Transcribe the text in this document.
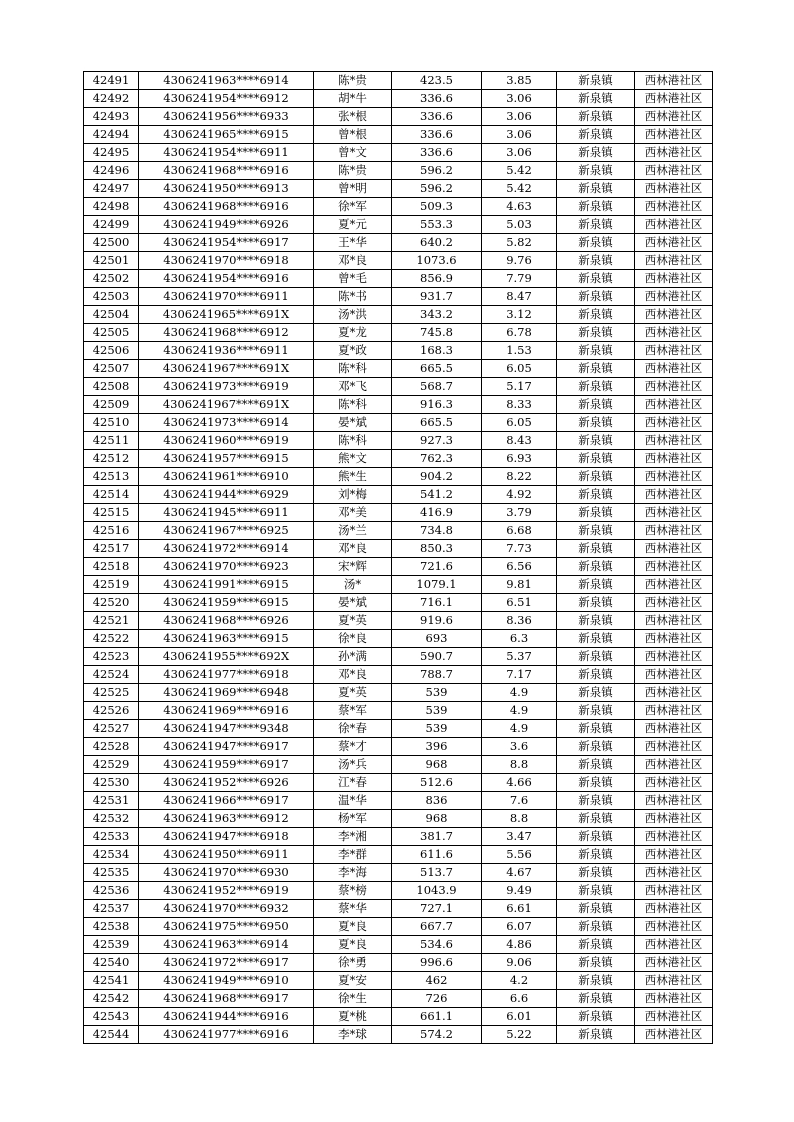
42491	4306241963****6914	陈*贵	423.5	3.85	新泉镇	西林港社区
42492	4306241954****6912	胡*牛	336.6	3.06	新泉镇	西林港社区
42493	4306241956****6933	张*根	336.6	3.06	新泉镇	西林港社区
42494	4306241965****6915	曾*根	336.6	3.06	新泉镇	西林港社区
42495	4306241954****6911	曾*文	336.6	3.06	新泉镇	西林港社区
42496	4306241968****6916	陈*贵	596.2	5.42	新泉镇	西林港社区
42497	4306241950****6913	曾*明	596.2	5.42	新泉镇	西林港社区
42498	4306241968****6916	徐*军	509.3	4.63	新泉镇	西林港社区
42499	4306241949****6926	夏*元	553.3	5.03	新泉镇	西林港社区
42500	4306241954****6917	王*华	640.2	5.82	新泉镇	西林港社区
42501	4306241970****6918	邓*良	1073.6	9.76	新泉镇	西林港社区
42502	4306241954****6916	曾*毛	856.9	7.79	新泉镇	西林港社区
42503	4306241970****6911	陈*书	931.7	8.47	新泉镇	西林港社区
42504	4306241965****691X	汤*洪	343.2	3.12	新泉镇	西林港社区
42505	4306241968****6912	夏*龙	745.8	6.78	新泉镇	西林港社区
42506	4306241936****6911	夏*政	168.3	1.53	新泉镇	西林港社区
42507	4306241967****691X	陈*科	665.5	6.05	新泉镇	西林港社区
42508	4306241973****6919	邓*飞	568.7	5.17	新泉镇	西林港社区
42509	4306241967****691X	陈*科	916.3	8.33	新泉镇	西林港社区
42510	4306241973****6914	晏*斌	665.5	6.05	新泉镇	西林港社区
42511	4306241960****6919	陈*科	927.3	8.43	新泉镇	西林港社区
42512	4306241957****6915	熊*文	762.3	6.93	新泉镇	西林港社区
42513	4306241961****6910	熊*生	904.2	8.22	新泉镇	西林港社区
42514	4306241944****6929	刘*梅	541.2	4.92	新泉镇	西林港社区
42515	4306241945****6911	邓*美	416.9	3.79	新泉镇	西林港社区
42516	4306241967****6925	汤*兰	734.8	6.68	新泉镇	西林港社区
42517	4306241972****6914	邓*良	850.3	7.73	新泉镇	西林港社区
42518	4306241970****6923	宋*辉	721.6	6.56	新泉镇	西林港社区
42519	4306241991****6915	汤*	1079.1	9.81	新泉镇	西林港社区
42520	4306241959****6915	晏*斌	716.1	6.51	新泉镇	西林港社区
42521	4306241968****6926	夏*英	919.6	8.36	新泉镇	西林港社区
42522	4306241963****6915	徐*良	693	6.3	新泉镇	西林港社区
42523	4306241955****692X	孙*满	590.7	5.37	新泉镇	西林港社区
42524	4306241977****6918	邓*良	788.7	7.17	新泉镇	西林港社区
42525	4306241969****6948	夏*英	539	4.9	新泉镇	西林港社区
42526	4306241969****6916	蔡*军	539	4.9	新泉镇	西林港社区
42527	4306241947****9348	徐*春	539	4.9	新泉镇	西林港社区
42528	4306241947****6917	蔡*才	396	3.6	新泉镇	西林港社区
42529	4306241959****6917	汤*兵	968	8.8	新泉镇	西林港社区
42530	4306241952****6926	江*春	512.6	4.66	新泉镇	西林港社区
42531	4306241966****6917	温*华	836	7.6	新泉镇	西林港社区
42532	4306241963****6912	杨*军	968	8.8	新泉镇	西林港社区
42533	4306241947****6918	李*湘	381.7	3.47	新泉镇	西林港社区
42534	4306241950****6911	李*群	611.6	5.56	新泉镇	西林港社区
42535	4306241970****6930	李*海	513.7	4.67	新泉镇	西林港社区
42536	4306241952****6919	蔡*榜	1043.9	9.49	新泉镇	西林港社区
42537	4306241970****6932	蔡*华	727.1	6.61	新泉镇	西林港社区
42538	4306241975****6950	夏*良	667.7	6.07	新泉镇	西林港社区
42539	4306241963****6914	夏*良	534.6	4.86	新泉镇	西林港社区
42540	4306241972****6917	徐*勇	996.6	9.06	新泉镇	西林港社区
42541	4306241949****6910	夏*安	462	4.2	新泉镇	西林港社区
42542	4306241968****6917	徐*生	726	6.6	新泉镇	西林港社区
42543	4306241944****6916	夏*桃	661.1	6.01	新泉镇	西林港社区
42544	4306241977****6916	李*球	574.2	5.22	新泉镇	西林港社区
